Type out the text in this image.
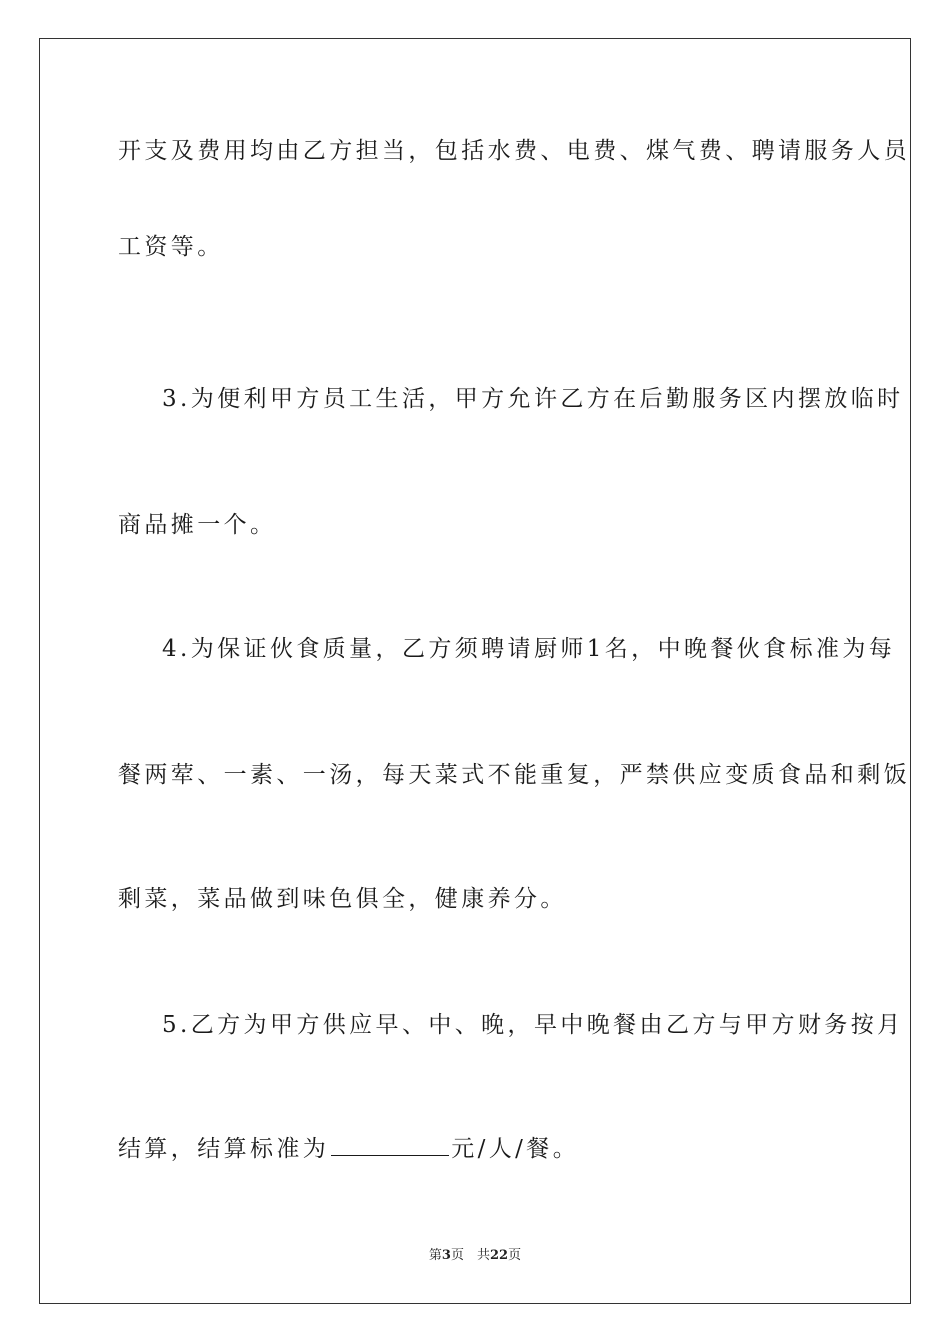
开支及费用均由乙方担当，包括水费、电费、煤气费、聘请服务人员
工资等。
3.为便利甲方员工生活，甲方允许乙方在后勤服务区内摆放临时
商品摊一个。
4.为保证伙食质量，乙方须聘请厨师1名，中晚餐伙食标准为每
餐两荤、一素、一汤，每天菜式不能重复，严禁供应变质食品和剩饭
剩菜，菜品做到味色俱全，健康养分。
5.乙方为甲方供应早、中、晚，早中晚餐由乙方与甲方财务按月
结算，结算标准为	元/人/餐。
第3页　共22页
